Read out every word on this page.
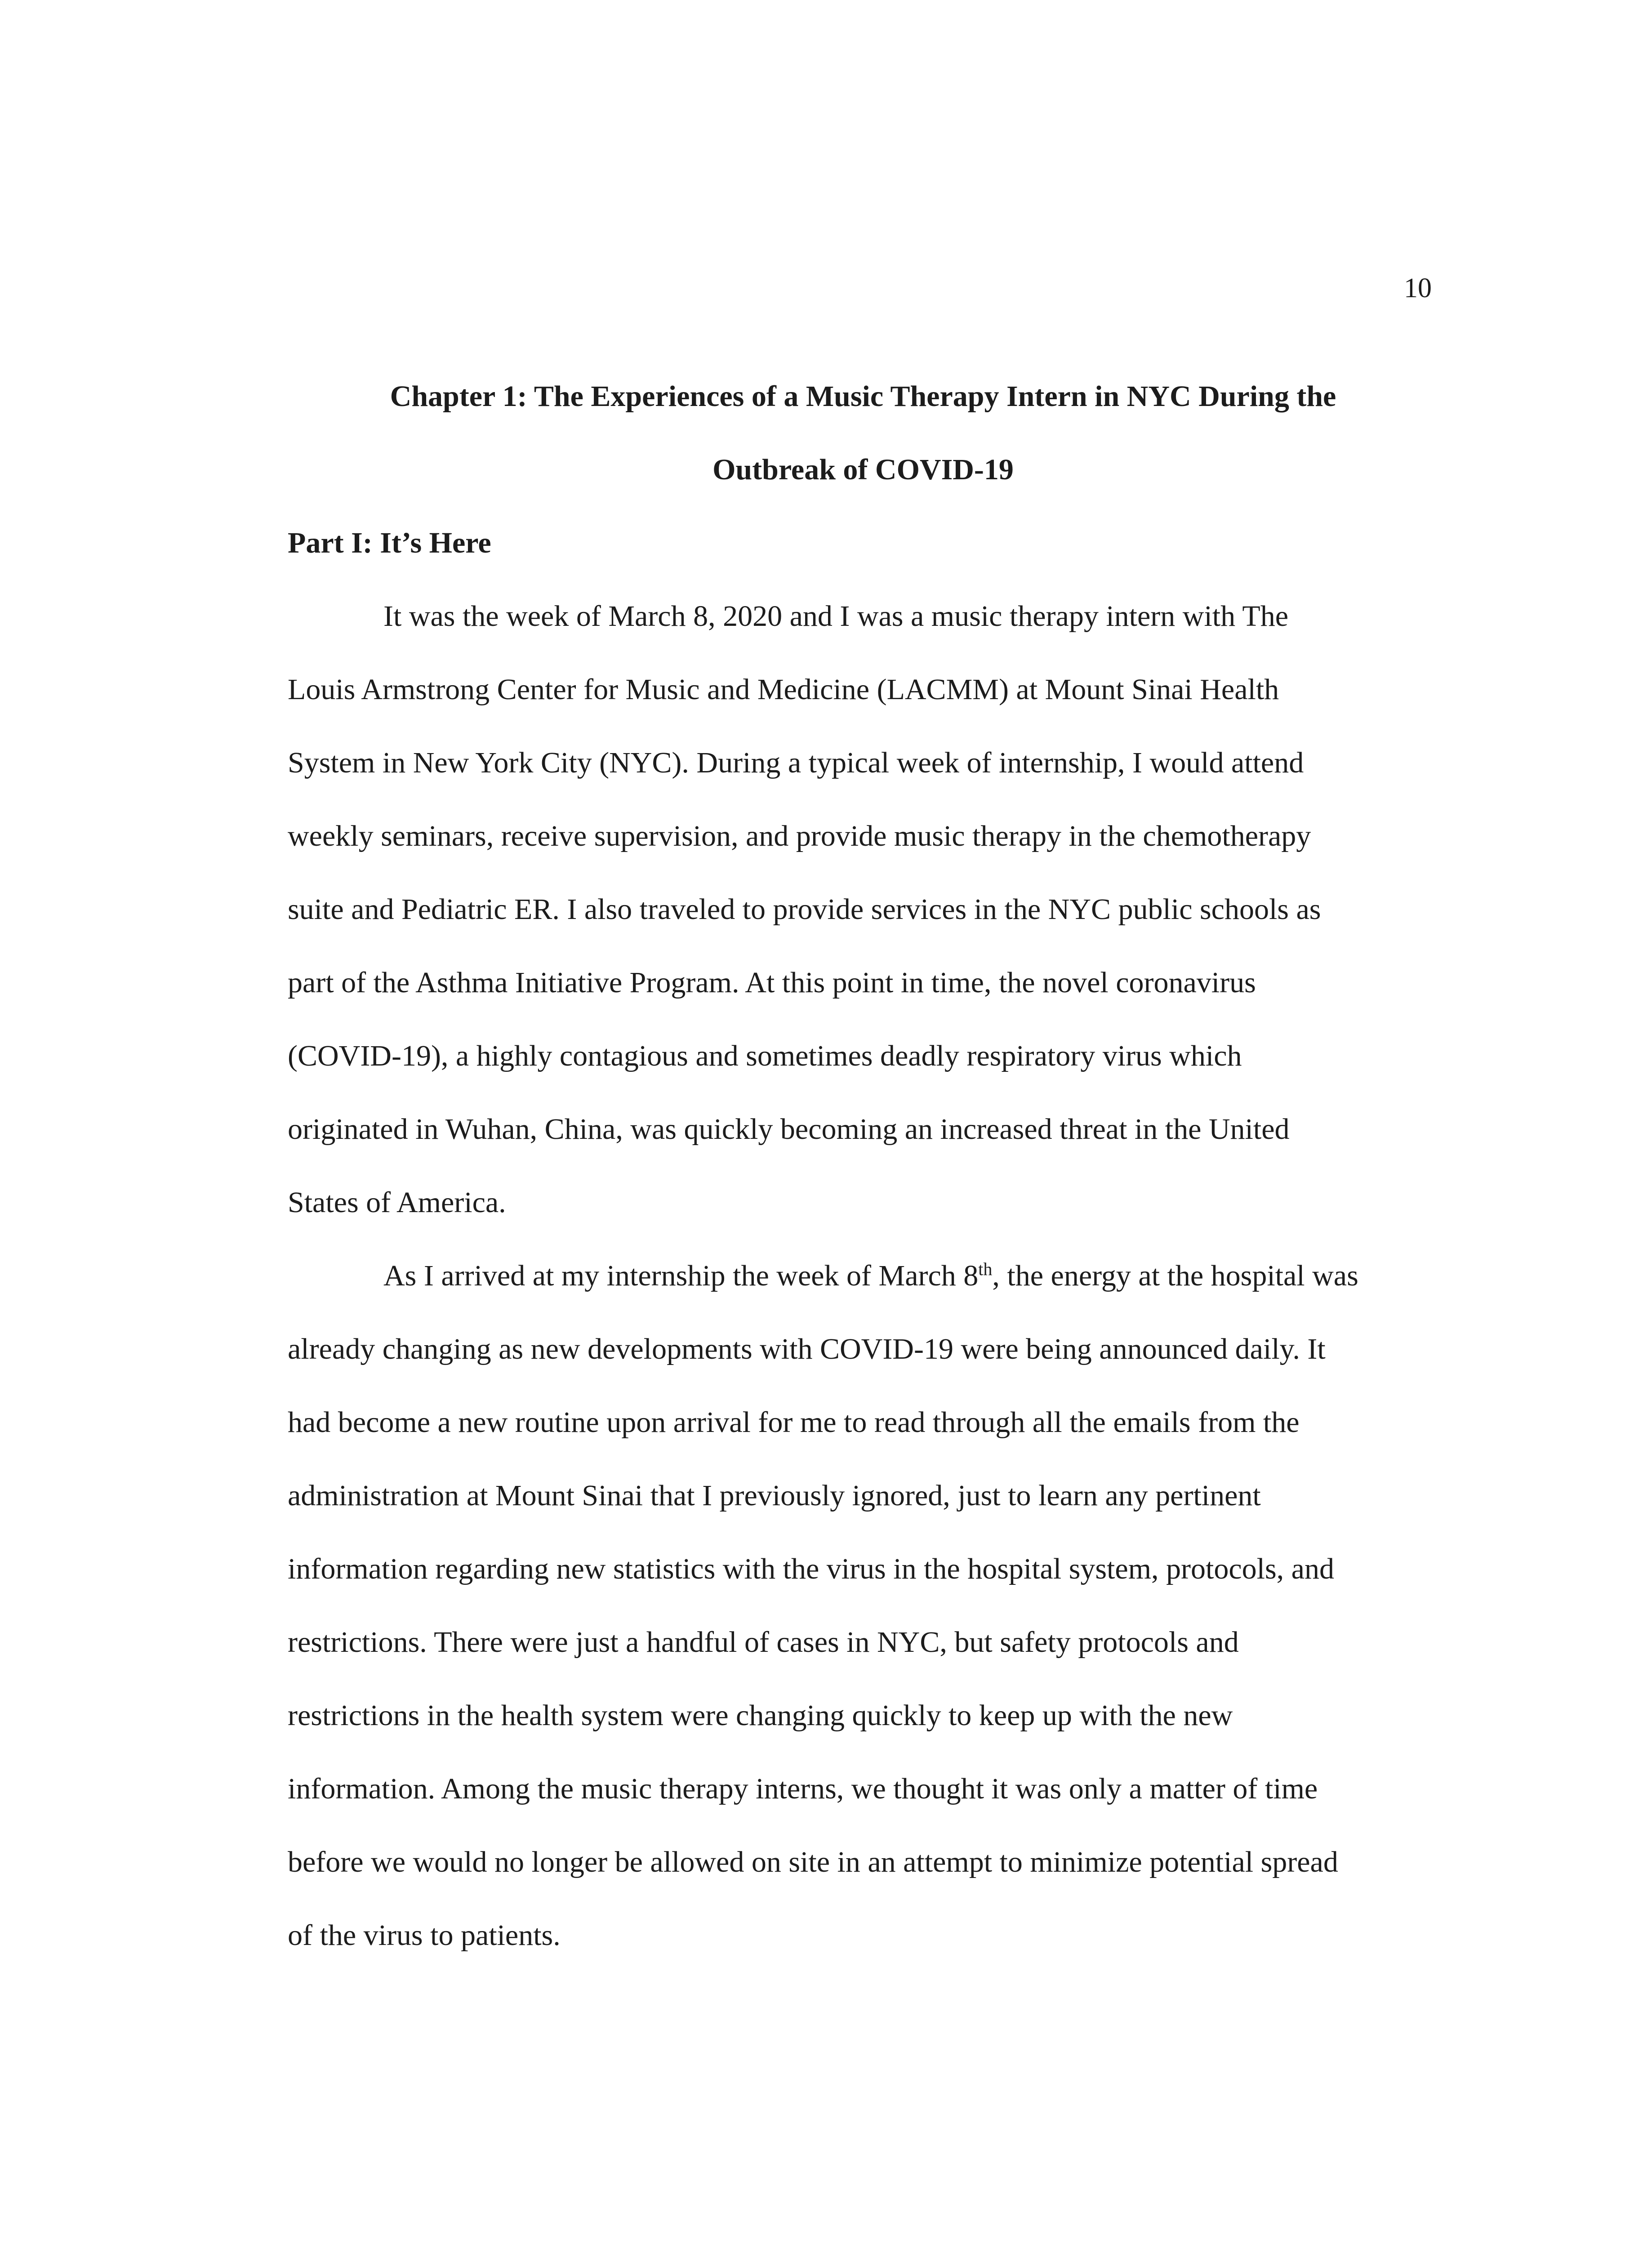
10
Chapter 1: The Experiences of a Music Therapy Intern in NYC During the
Outbreak of COVID-19
Part I: It’s Here

It was the week of March 8, 2020 and I was a music therapy intern with The
Louis Armstrong Center for Music and Medicine (LACMM) at Mount Sinai Health
System in New York City (NYC). During a typical week of internship, I would attend
weekly seminars, receive supervision, and provide music therapy in the chemotherapy
suite and Pediatric ER. I also traveled to provide services in the NYC public schools as
part of the Asthma Initiative Program. At this point in time, the novel coronavirus
(COVID-19), a highly contagious and sometimes deadly respiratory virus which
originated in Wuhan, China, was quickly becoming an increased threat in the United
States of America.

As I arrived at my internship the week of March 8th, the energy at the hospital was
already changing as new developments with COVID-19 were being announced daily. It
had become a new routine upon arrival for me to read through all the emails from the
administration at Mount Sinai that I previously ignored, just to learn any pertinent
information regarding new statistics with the virus in the hospital system, protocols, and
restrictions. There were just a handful of cases in NYC, but safety protocols and
restrictions in the health system were changing quickly to keep up with the new
information. Among the music therapy interns, we thought it was only a matter of time
before we would no longer be allowed on site in an attempt to minimize potential spread
of the virus to patients.
